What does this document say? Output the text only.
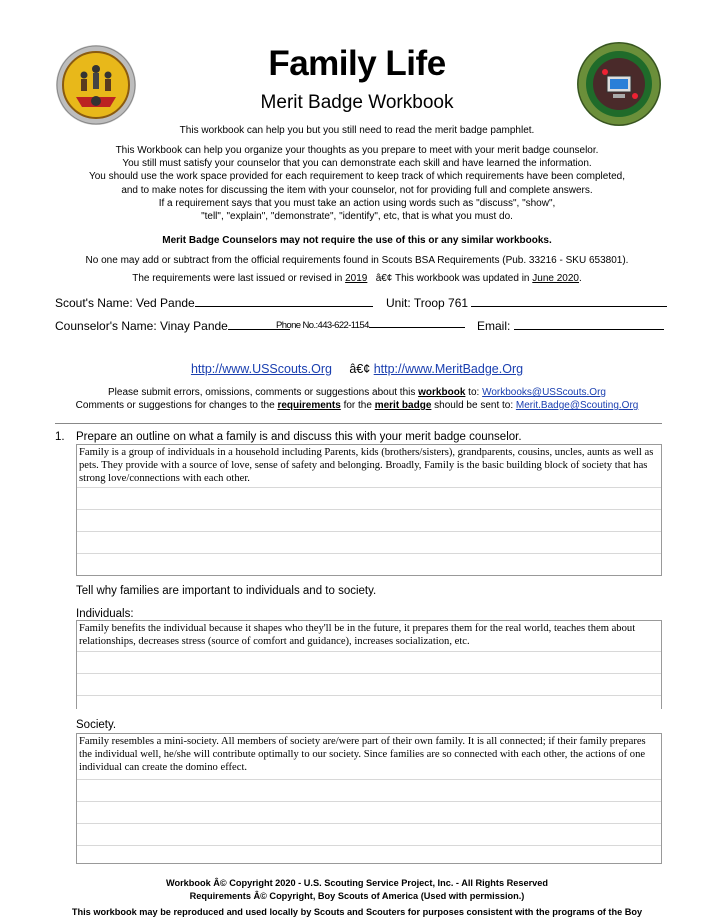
Family Life
Merit Badge Workbook
This workbook can help you but you still need to read the merit badge pamphlet.
This Workbook can help you organize your thoughts as you prepare to meet with your merit badge counselor.
You still must satisfy your counselor that you can demonstrate each skill and have learned the information.
You should use the work space provided for each requirement to keep track of which requirements have been completed,
and to make notes for discussing the item with your counselor, not for providing full and complete answers.
If a requirement says that you must take an action using words such as "discuss", "show",
"tell", "explain", "demonstrate", "identify", etc, that is what you must do.
Merit Badge Counselors may not require the use of this or any similar workbooks.
No one may add or subtract from the official requirements found in Scouts BSA Requirements (Pub. 33216 - SKU 653801).
The requirements were last issued or revised in 2019 â€¢ This workbook was updated in June 2020.
Scout's Name: Ved Pande	Unit: Troop 761
Counselor's Name: Vinay Pande	Phone No.:443-622-1154	Email:
http://www.USScouts.Org â€¢ http://www.MeritBadge.Org
Please submit errors, omissions, comments or suggestions about this workbook to: Workbooks@USScouts.Org
Comments or suggestions for changes to the requirements for the merit badge should be sent to: Merit.Badge@Scouting.Org
1. Prepare an outline on what a family is and discuss this with your merit badge counselor.
Family is a group of individuals in a household including Parents, kids (brothers/sisters), grandparents, cousins, uncles, aunts as well as pets. They provide with a source of love, sense of safety and belonging. Broadly, Family is the basic building block of society that has strong love/connections with each other.
Tell why families are important to individuals and to society.
Individuals:
Family benefits the individual because it shapes who they'll be in the future, it prepares them for the real world, teaches them about relationships, decreases stress (source of comfort and guidance), increases socialization, etc.
Society.
Family resembles a mini-society. All members of society are/were part of their own family. It is all connected; if their family prepares the individual well, he/she will contribute optimally to our society. Since families are so connected with each other, the actions of one individual can create the domino effect.
Workbook Â© Copyright 2020 - U.S. Scouting Service Project, Inc. - All Rights Reserved
Requirements Â© Copyright, Boy Scouts of America (Used with permission.)
This workbook may be reproduced and used locally by Scouts and Scouters for purposes consistent with the programs of the Boy
